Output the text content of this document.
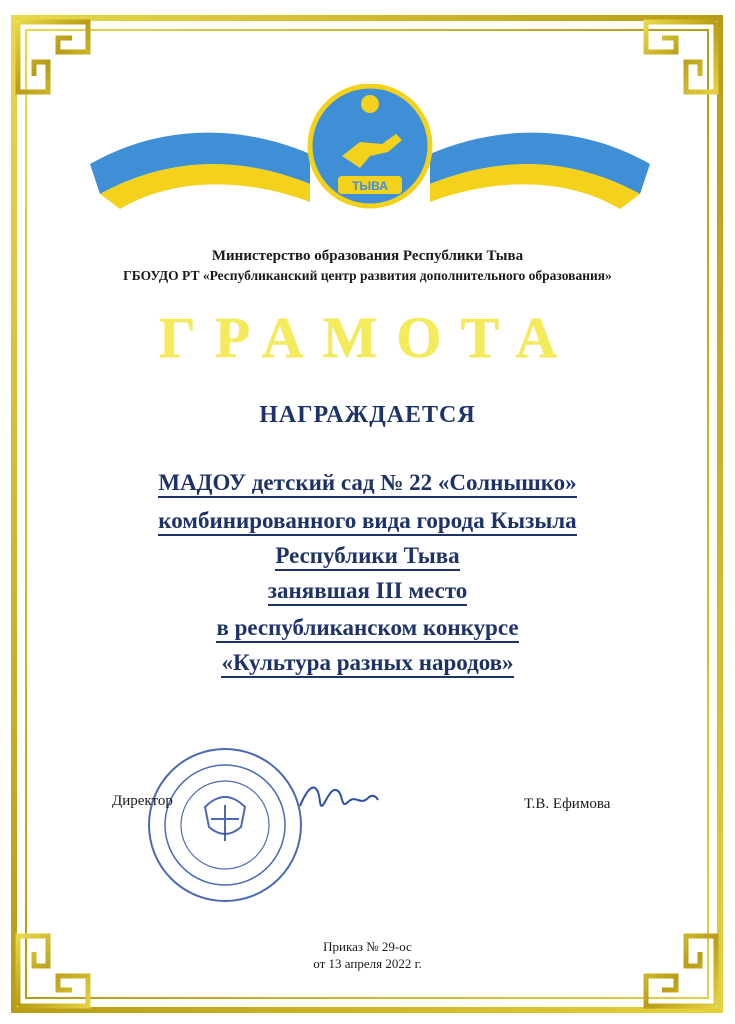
ТЫВА
Министерство образования Республики Тыва
ГБОУДО РТ «Республиканский центр развития дополнительного образования»
ГРАМОТА
НАГРАЖДАЕТСЯ
МАДОУ детский сад № 22 «Солнышко»
комбинированного вида города Кызыла
Республики Тыва
занявшая III место
в республиканском конкурсе
«Культура разных народов»
Директор	Т.В. Ефимова
Приказ № 29-ос
от 13 апреля 2022 г.
